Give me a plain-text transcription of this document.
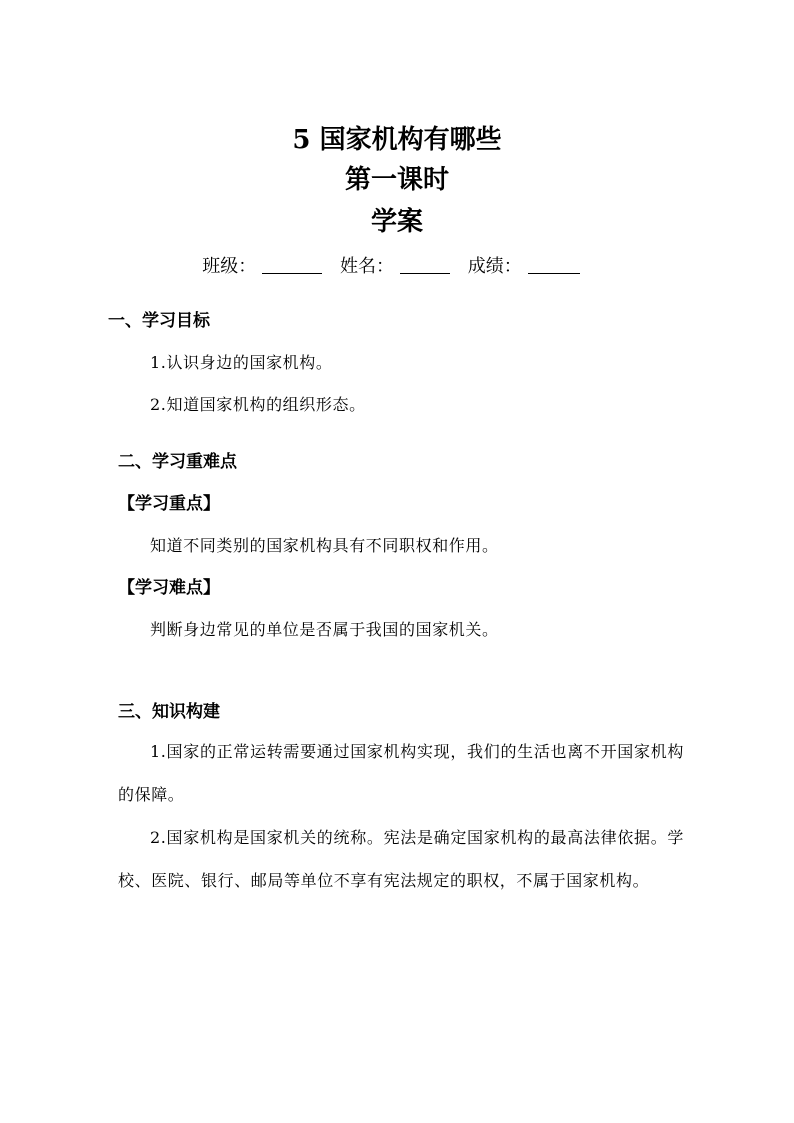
5 国家机构有哪些
第一课时
学案
班级：	姓名：	成绩：
一、学习目标
1.认识身边的国家机构。
2.知道国家机构的组织形态。
二、学习重难点
【学习重点】
知道不同类别的国家机构具有不同职权和作用。
【学习难点】
判断身边常见的单位是否属于我国的国家机关。
三、知识构建
1.国家的正常运转需要通过国家机构实现，我们的生活也离不开国家机构的保障。
2.国家机构是国家机关的统称。宪法是确定国家机构的最高法律依据。学校、医院、银行、邮局等单位不享有宪法规定的职权，不属于国家机构。
